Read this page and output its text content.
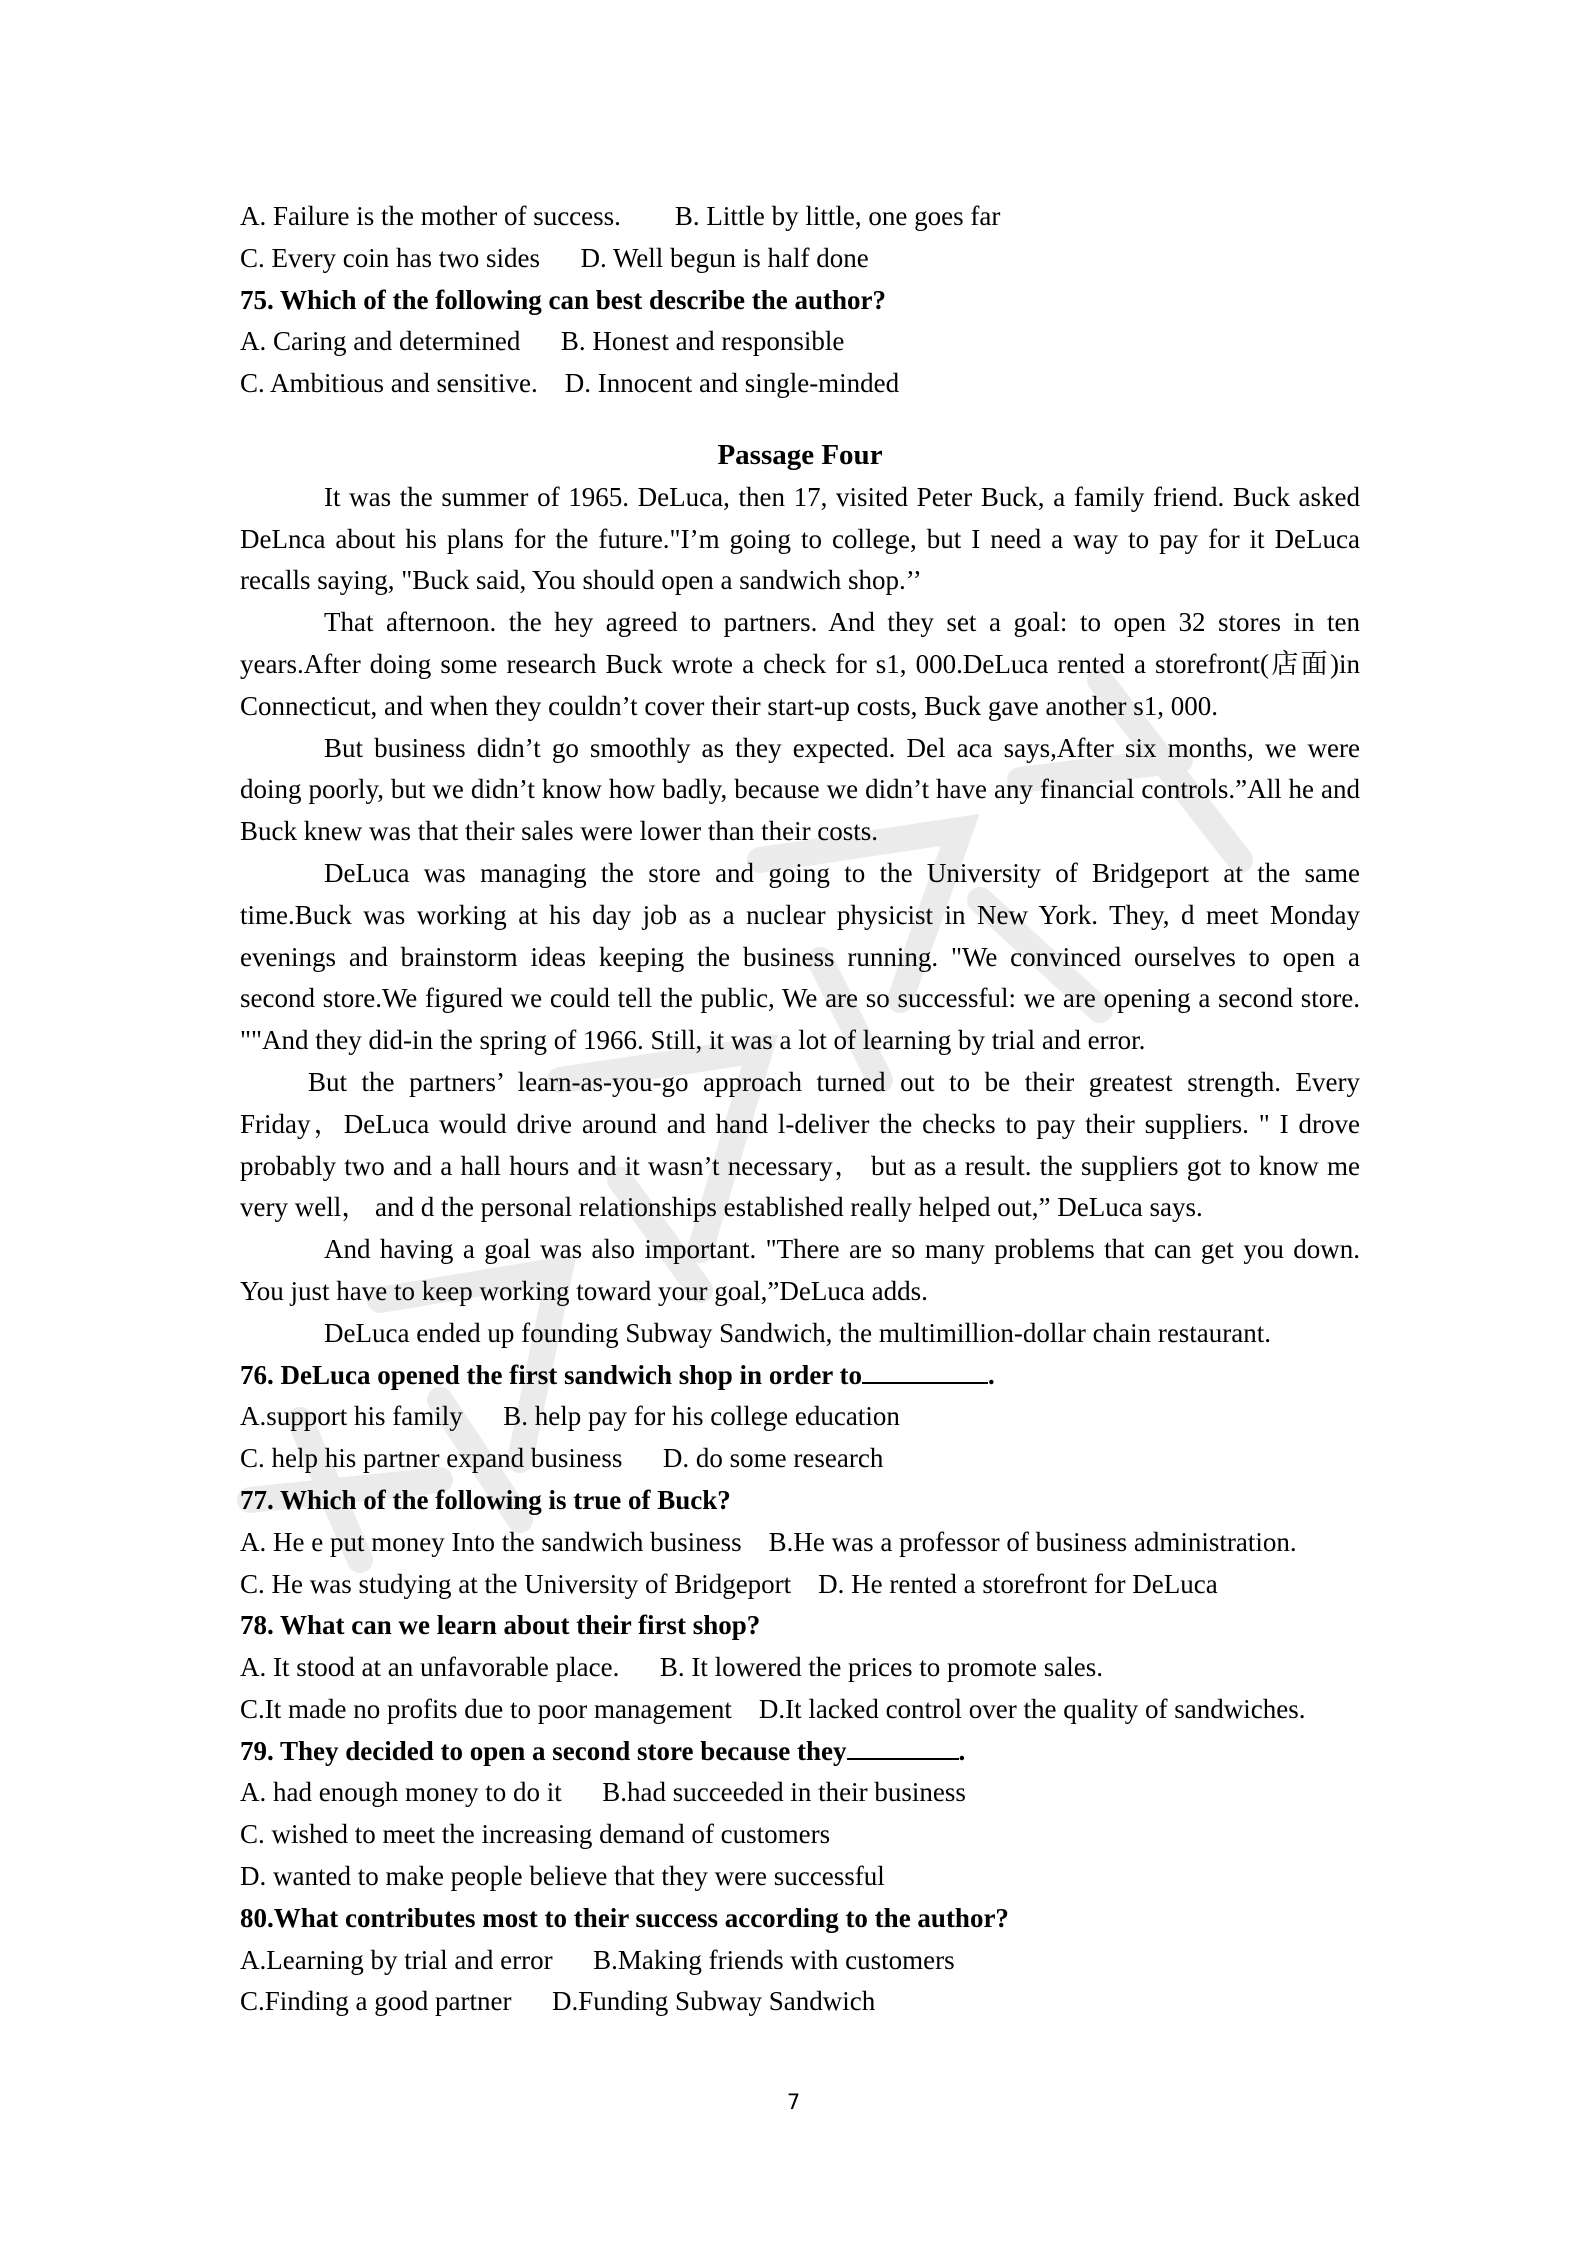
A. Failure is the mother of success.        B. Little by little, one goes far
C. Every coin has two sides      D. Well begun is half done
75. Which of the following can best describe the author?
A. Caring and determined      B. Honest and responsible
C. Ambitious and sensitive.    D. Innocent and single-minded
Passage Four

It was the summer of 1965. DeLuca, then 17, visited Peter Buck, a family friend. Buck asked DeLnca about his plans for the future."I’m going to college, but I need a way to pay for it DeLuca recalls saying, "Buck said, You should open a sandwich shop.’’

That afternoon. the hey agreed to partners. And they set a goal: to open 32 stores in ten years.After doing some research Buck wrote a check for s1, 000.DeLuca rented a storefront(店面)in Connecticut, and when they couldn’t cover their start-up costs, Buck gave another s1, 000.

But business didn’t go smoothly as they expected. Del aca says,After six months, we were doing poorly, but we didn’t know how badly, because we didn’t have any financial controls.”All he and Buck knew was that their sales were lower than their costs.

DeLuca was managing the store and going to the University of Bridgeport at the same time.Buck was working at his day job as a nuclear physicist in New York. They, d meet Monday evenings and brainstorm ideas keeping the business running. "We convinced ourselves to open a second store.We figured we could tell the public, We are so successful: we are opening a second store. ""And they did-in the spring of 1966. Still, it was a lot of learning by trial and error.

But the partners’ learn-as-you-go approach turned out to be their greatest strength. Every Friday，DeLuca would drive around and hand l-deliver the checks to pay their suppliers. " I drove probably two and a hall hours and it wasn’t necessary， but as a result. the suppliers got to know me very well， and d the personal relationships established really helped out,” DeLuca says.

And having a goal was also important. "There are so many problems that can get you down. You just have to keep working toward your goal,”DeLuca adds.

DeLuca ended up founding Subway Sandwich, the multimillion-dollar chain restaurant.

76. DeLuca opened the first sandwich shop in order to	.
A.support his family      B. help pay for his college education
C. help his partner expand business      D. do some research
77. Which of the following is true of Buck?
A. He e put money Into the sandwich business    B.He was a professor of business administration.
C. He was studying at the University of Bridgeport    D. He rented a storefront for DeLuca
78. What can we learn about their first shop?
A. It stood at an unfavorable place.      B. It lowered the prices to promote sales.
C.It made no profits due to poor management    D.It lacked control over the quality of sandwiches.
79. They decided to open a second store because they	.
A. had enough money to do it      B.had succeeded in their business
C. wished to meet the increasing demand of customers
D. wanted to make people believe that they were successful
80.What contributes most to their success according to the author?
A.Learning by trial and error      B.Making friends with customers
C.Finding a good partner      D.Funding Subway Sandwich
7
